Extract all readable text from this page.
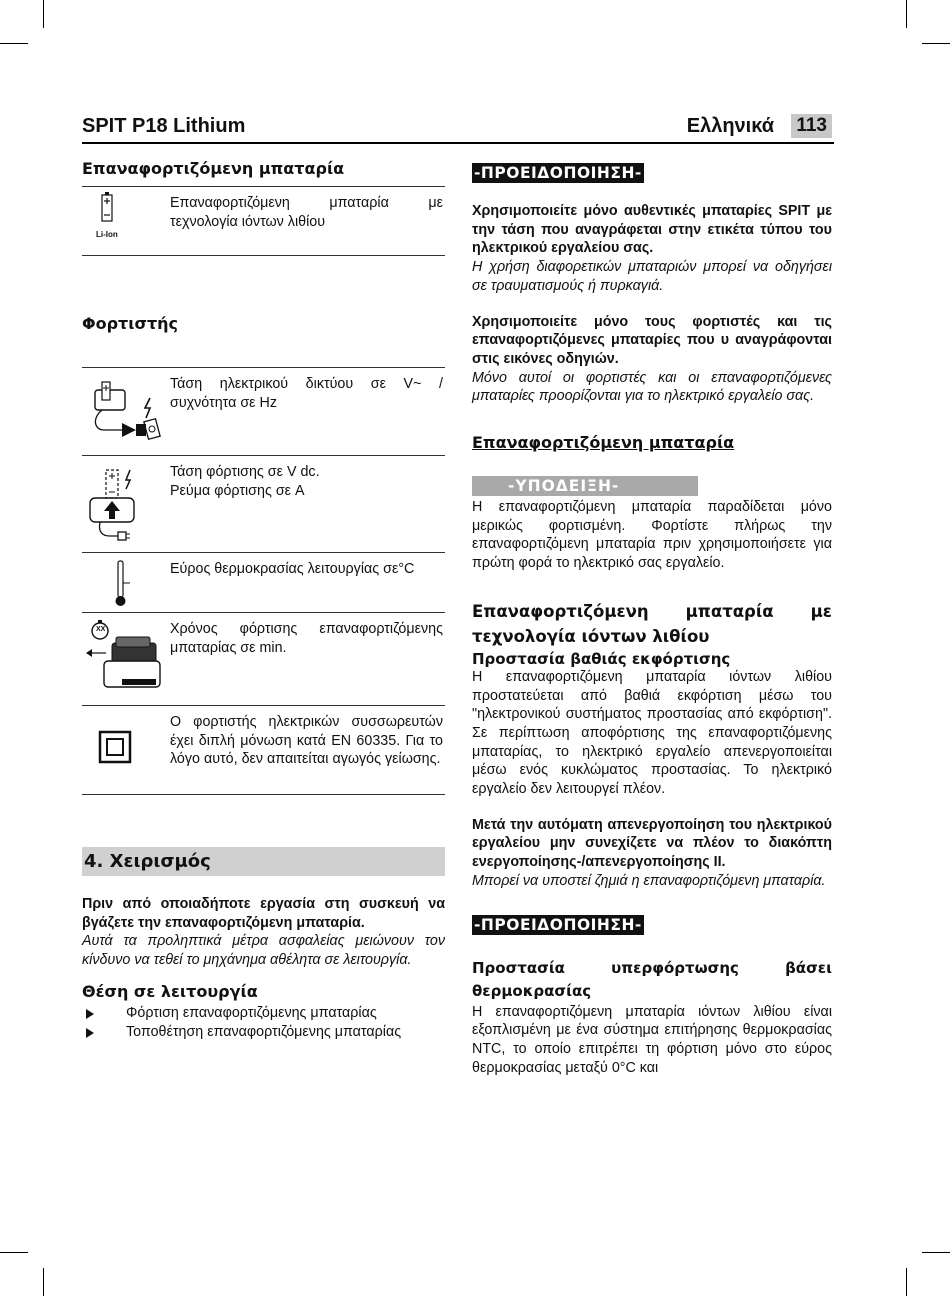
SPIT P18 Lithium	Ελληνικά 113
Επαναφορτιζόμενη μπαταρία
Li-Ion
Επαναφορτιζόμενη μπαταρία με τεχνολογία ιόντων λιθίου
Φορτιστής
Τάση ηλεκτρικού δικτύου σε V~ / συχνότητα σε Hz
Τάση φόρτισης σε V dc.
Ρεύμα φόρτισης σε A
Εύρος θερμοκρασίας λειτουργίας σε°C
XX	Χρόνος φόρτισης επαναφορτιζόμενης μπαταρίας σε min.
Ο φορτιστής ηλεκτρικών συσσωρευτών έχει διπλή μόνωση κατά EN 60335. Για το λόγο αυτό, δεν απαιτείται αγωγός γείωσης.
4. Χειρισμός

Πριν από οποιαδήποτε εργασία στη συσκευή να βγάζετε την επαναφορτιζόμενη μπαταρία.

Αυτά τα προληπτικά μέτρα ασφαλείας μειώνουν τον κίνδυνο να τεθεί το μηχάνημα αθέλητα σε λειτουργία.

Θέση σε λειτουργία
Φόρτιση επαναφορτιζόμενης μπαταρίας
Τοποθέτηση επαναφορτιζόμενης μπαταρίας
-ΠΡΟΕΙΔΟΠΟΙΗΣΗ-

Χρησιμοποιείτε μόνο αυθεντικές μπαταρίες SPIT με την τάση που αναγράφεται στην ετικέτα τύπου του ηλεκτρικού εργαλείου σας.

Η χρήση διαφορετικών μπαταριών μπορεί να οδηγήσει σε τραυματισμούς ή πυρκαγιά.

Χρησιμοποιείτε μόνο τους φορτιστές και τις επαναφορτιζόμενες μπαταρίες που υ αναγράφονται στις εικόνες οδηγιών.

Μόνο αυτοί οι φορτιστές και οι επαναφορτιζόμενες μπαταρίες προορίζονται για το ηλεκτρικό εργαλείο σας.

Επαναφορτιζόμενη μπαταρία
-ΥΠΟΔΕΙΞΗ-

Η επαναφορτιζόμενη μπαταρία παραδίδεται μόνο μερικώς φορτισμένη. Φορτίστε πλήρως την επαναφορτιζόμενη μπαταρία πριν χρησιμοποιήσετε για πρώτη φορά το ηλεκτρικό σας εργαλείο.

Επαναφορτιζόμενη μπαταρία με τεχνολογία ιόντων λιθίου
Προστασία βαθιάς εκφόρτισης

Η επαναφορτιζόμενη μπαταρία ιόντων λιθίου προστατεύεται από βαθιά εκφόρτιση μέσω του "ηλεκτρονικού συστήματος προστασίας από εκφόρτιση". Σε περίπτωση αποφόρτισης της επαναφορτιζόμενης μπαταρίας, το ηλεκτρικό εργαλείο απενεργοποιείται μέσω ενός κυκλώματος προστασίας. Το ηλεκτρικό εργαλείο δεν λειτουργεί πλέον.

Μετά την αυτόματη απενεργοποίηση του ηλεκτρικού εργαλείου μην συνεχίζετε να πλέον το διακόπτη ενεργοποίησης-/απενεργοποίησης II.

Μπορεί να υποστεί ζημιά η επαναφορτιζόμενη μπαταρία.

-ΠΡΟΕΙΔΟΠΟΙΗΣΗ-
Προστασία υπερφόρτωσης βάσει θερμοκρασίας

Η επαναφορτιζόμενη μπαταρία ιόντων λιθίου είναι εξοπλισμένη με ένα σύστημα επιτήρησης θερμοκρασίας NTC, το οποίο επιτρέπει τη φόρτιση μόνο στο εύρος θερμοκρασίας μεταξύ 0°C και
